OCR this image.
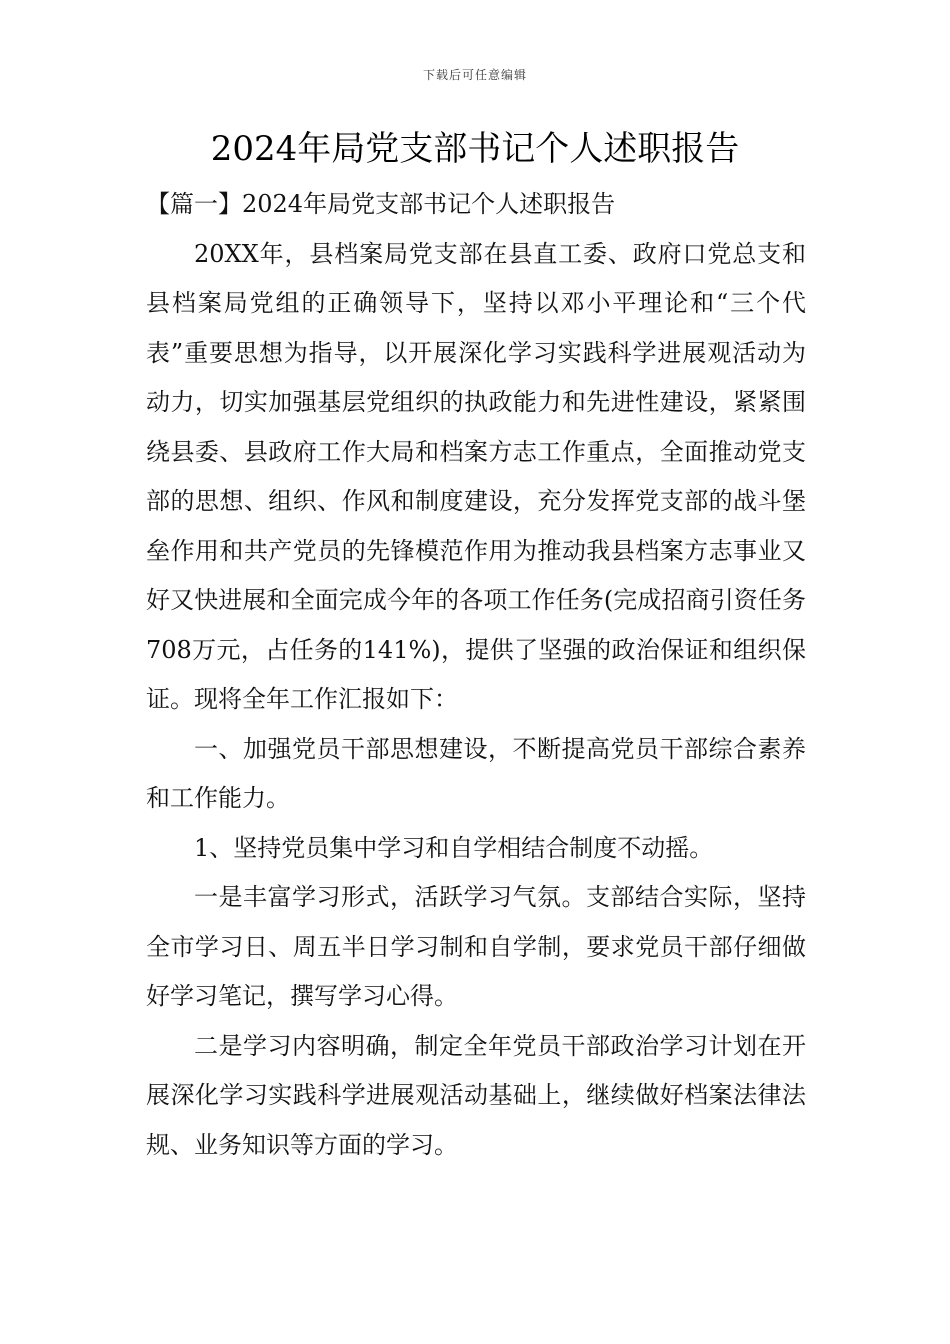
下载后可任意编辑
2024年局党支部书记个人述职报告

【篇一】2024年局党支部书记个人述职报告

20XX年，县档案局党支部在县直工委、政府口党总支和县档案局党组的正确领导下，坚持以邓小平理论和“三个代表”重要思想为指导，以开展深化学习实践科学进展观活动为动力，切实加强基层党组织的执政能力和先进性建设，紧紧围绕县委、县政府工作大局和档案方志工作重点，全面推动党支部的思想、组织、作风和制度建设，充分发挥党支部的战斗堡垒作用和共产党员的先锋模范作用为推动我县档案方志事业又好又快进展和全面完成今年的各项工作任务(完成招商引资任务708万元，占任务的141%)，提供了坚强的政治保证和组织保证。现将全年工作汇报如下：

一、加强党员干部思想建设，不断提高党员干部综合素养和工作能力。

1、坚持党员集中学习和自学相结合制度不动摇。

一是丰富学习形式，活跃学习气氛。支部结合实际，坚持全市学习日、周五半日学习制和自学制，要求党员干部仔细做好学习笔记，撰写学习心得。

二是学习内容明确，制定全年党员干部政治学习计划在开展深化学习实践科学进展观活动基础上，继续做好档案法律法规、业务知识等方面的学习。
